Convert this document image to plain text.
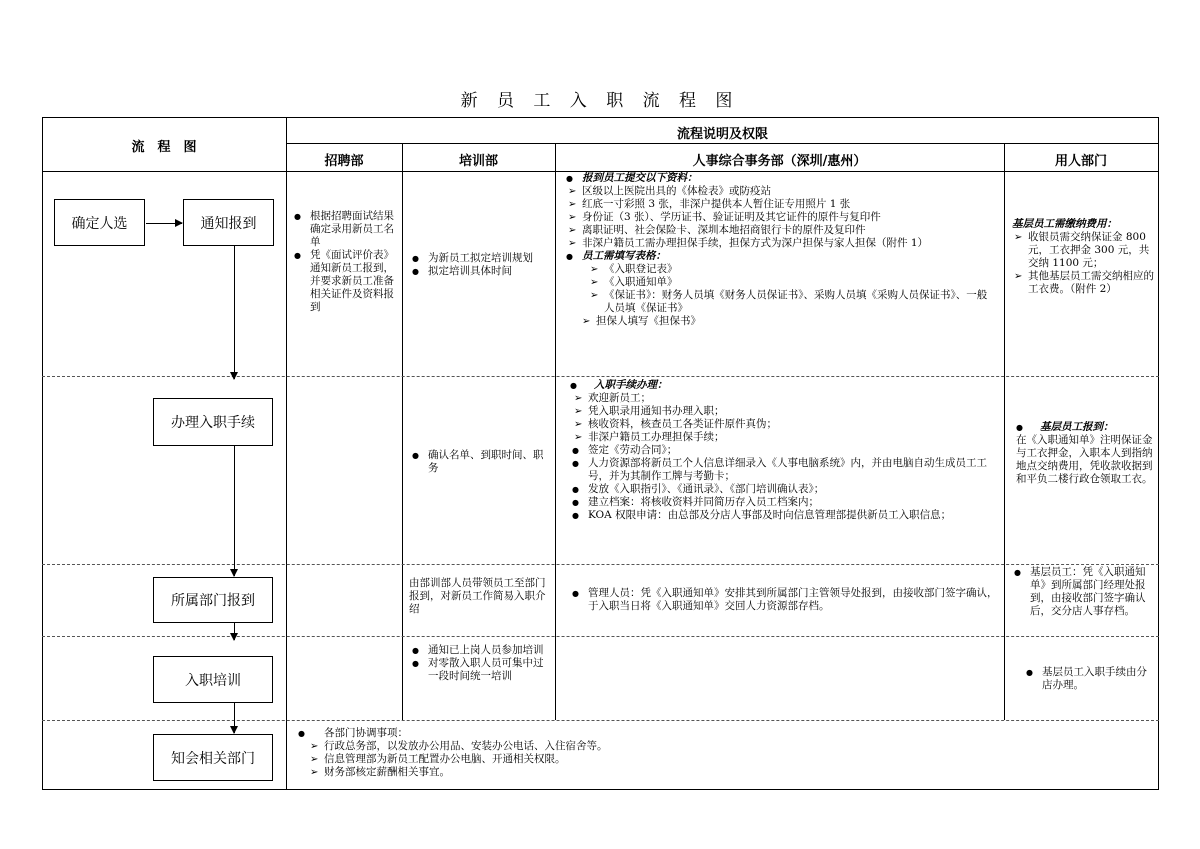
新 员 工 入 职 流 程 图
流　程　图
流程说明及权限
招聘部	培训部	人事综合事务部（深圳/惠州）	用人部门
确定人选	通知报到
办理入职手续
所属部门报到
入职培训
知会相关部门
● 根据招聘面试结果确定录用新员工名单
● 凭《面试评价表》通知新员工报到，并要求新员工准备相关证件及资料报到
● 为新员工拟定培训规划
● 拟定培训具体时间
● 报到员工提交以下资料：
➢ 区级以上医院出具的《体检表》或防疫站
➢ 红底一寸彩照 3 张，非深户提供本人暂住证专用照片 1 张
➢ 身份证（3 张）、学历证书、验证证明及其它证件的原件与复印件
➢ 离职证明、社会保险卡、深圳本地招商银行卡的原件及复印件
➢ 非深户籍员工需办理担保手续，担保方式为深户担保与家人担保（附件 1）
● 员工需填写表格：
➢ 《入职登记表》
➢ 《入职通知单》
➢ 《保证书》：财务人员填《财务人员保证书》、采购人员填《采购人员保证书》、一般人员填《保证书》
➢ 担保人填写《担保书》
基层员工需缴纳费用：
➢ 收银员需交纳保证金 800 元，工衣押金 300 元，共交纳 1100 元；
➢ 其他基层员工需交纳相应的工衣费。（附件 2）
● 确认名单、到职时间、职务
● 入职手续办理：
➢ 欢迎新员工；
➢ 凭入职录用通知书办理入职；
➢ 核收资料，核查员工各类证件原件真伪；
➢ 非深户籍员工办理担保手续；
● 签定《劳动合同》；
● 人力资源部将新员工个人信息详细录入《人事电脑系统》内，并由电脑自动生成员工工号，并为其制作工牌与考勤卡；
● 发放《入职指引》、《通讯录》、《部门培训确认表》；
● 建立档案：将核收资料并同简历存入员工档案内；
● KOA 权限申请：由总部及分店人事部及时向信息管理部提供新员工入职信息；
● 基层员工报到：
在《入职通知单》注明保证金与工衣押金，入职本人到指纳地点交纳费用，凭收款收据到和平负二楼行政仓领取工衣。
由部训部人员带领员工至部门报到，对新员工作简易入职介绍
● 管理人员：凭《入职通知单》安排其到所属部门主管领导处报到，由接收部门签字确认，于入职当日将《入职通知单》交回人力资源部存档。
● 基层员工：凭《入职通知单》到所属部门经理处报到，由接收部门签字确认后，交分店人事存档。
● 通知已上岗人员参加培训
● 对零散入职人员可集中过一段时间统一培训
●	基层员工入职手续由分店办理。
● 各部门协调事项：
➢ 行政总务部，以发放办公用品、安装办公电话、入住宿舍等。
➢ 信息管理部为新员工配置办公电脑、开通相关权限。
➢ 财务部核定薪酬相关事宜。
